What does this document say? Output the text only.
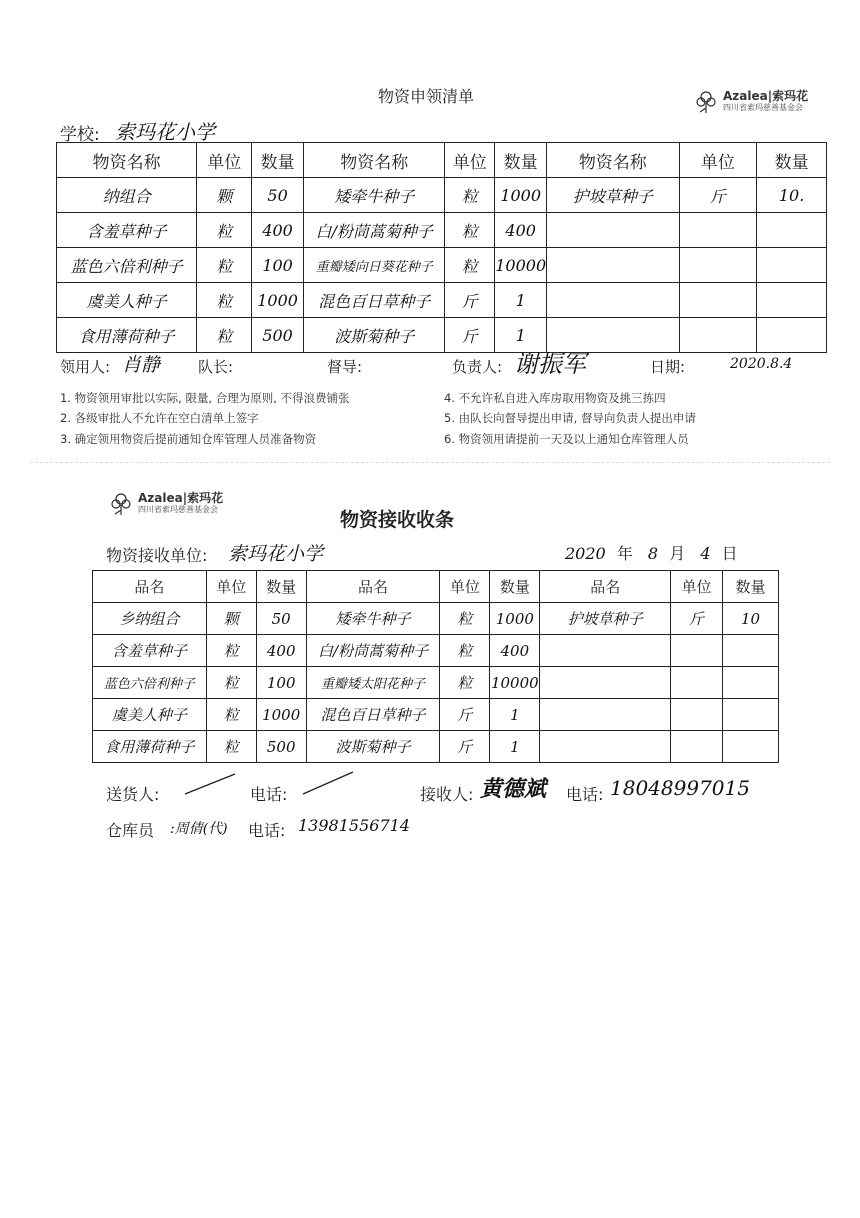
物资申领清单	Azalea|索玛花
四川省索玛慈善基金会
学校: 索玛花小学
物资名称	单位	数量	物资名称	单位	数量	物资名称	单位	数量
纳组合	颗	50	矮牵牛种子	粒	1000	护坡草种子	斤	10.
含羞草种子	粒	400	白/粉茼蒿菊种子	粒	400			
蓝色六倍利种子	粒	100	重瓣矮向日葵花种子	粒	10000			
虞美人种子	粒	1000	混色百日草种子	斤	1			
食用薄荷种子	粒	500	波斯菊种子	斤	1			
领用人: 肖静	队长:	督导:	负责人: 谢振军	日期:	2020.8.4
1. 物资领用审批以实际, 限量, 合理为原则, 不得浪费铺张
2. 各级审批人不允许在空白清单上签字
3. 确定领用物资后提前通知仓库管理人员准备物资
4. 不允许私自进入库房取用物资及挑三拣四
5. 由队长向督导提出申请, 督导向负责人提出申请
6. 物资领用请提前一天及以上通知仓库管理人员
Azalea|索玛花
四川省索玛慈善基金会	物资接收收条
物资接收单位: 索玛花小学	2020 年 8 月 4 日
品名	单位	数量	品名	单位	数量	品名	单位	数量
乡纳组合	颗	50	矮牵牛种子	粒	1000	护坡草种子	斤	10
含羞草种子	粒	400	白/粉茼蒿菊种子	粒	400			
蓝色六倍利种子	粒	100	重瓣矮太阳花种子	粒	10000			
虞美人种子	粒	1000	混色百日草种子	斤	1			
食用薄荷种子	粒	500	波斯菊种子	斤	1			
送货人:	电话:	接收人: 黄德斌 电话: 18048997015
仓库员 :周倩(代) 电话: 13981556714
